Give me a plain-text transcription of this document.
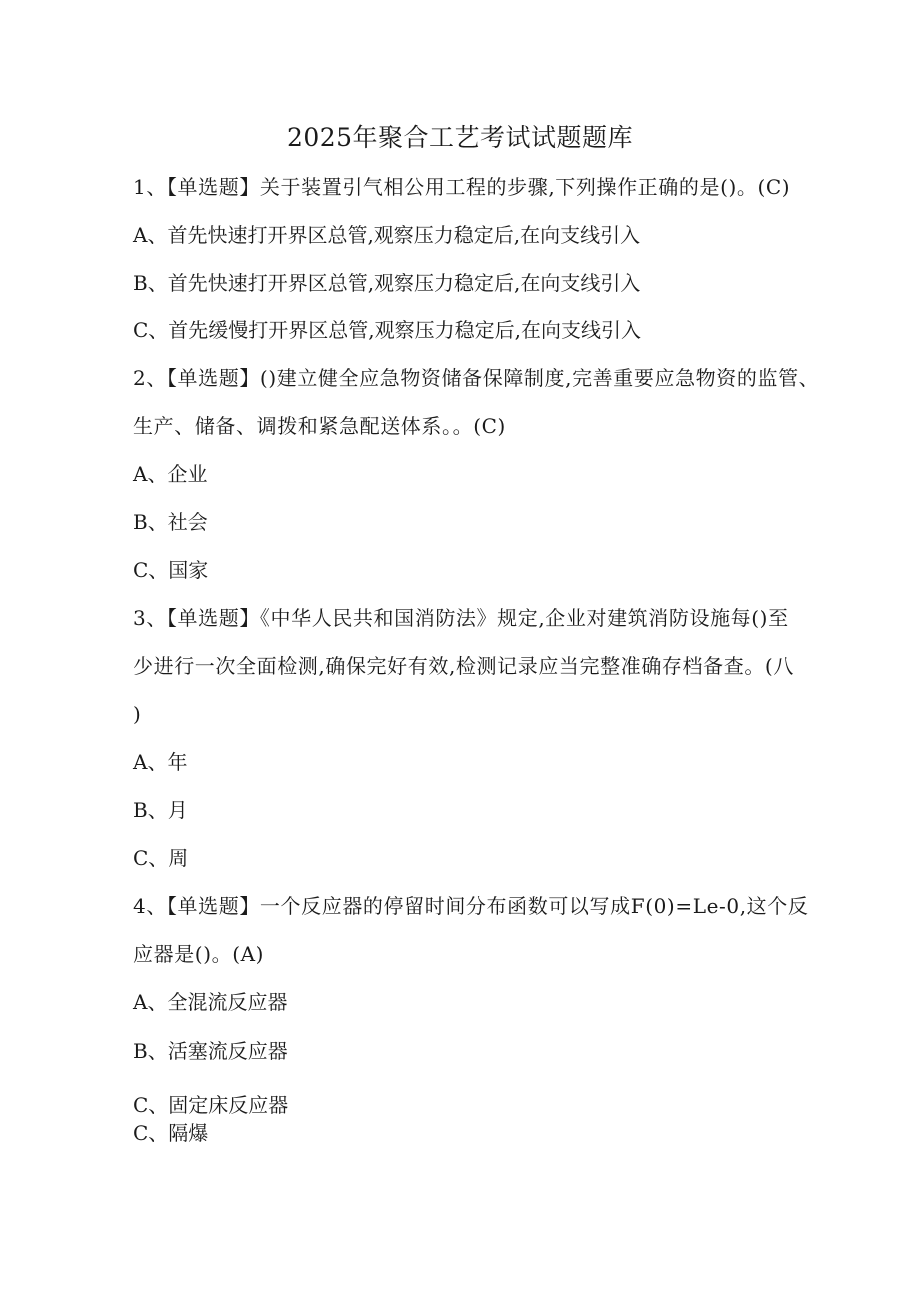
2025年聚合工艺考试试题题库
1、【单选题】关于装置引气相公用工程的步骤,下列操作正确的是()。(C)
A、首先快速打开界区总管,观察压力稳定后,在向支线引入
B、首先快速打开界区总管,观察压力稳定后,在向支线引入
C、首先缓慢打开界区总管,观察压力稳定后,在向支线引入
2、【单选题】()建立健全应急物资储备保障制度,完善重要应急物资的监管、
生产、储备、调拨和紧急配送体系。。(C)
A、企业
B、社会
C、国家
3、【单选题】《中华人民共和国消防法》规定,企业对建筑消防设施每()至
少进行一次全面检测,确保完好有效,检测记录应当完整准确存档备查。(八
)
A、年
B、月
C、周
4、【单选题】一个反应器的停留时间分布函数可以写成F(0)=Le-0,这个反
应器是()。(A)
A、全混流反应器
B、活塞流反应器
C、固定床反应器
C、隔爆
